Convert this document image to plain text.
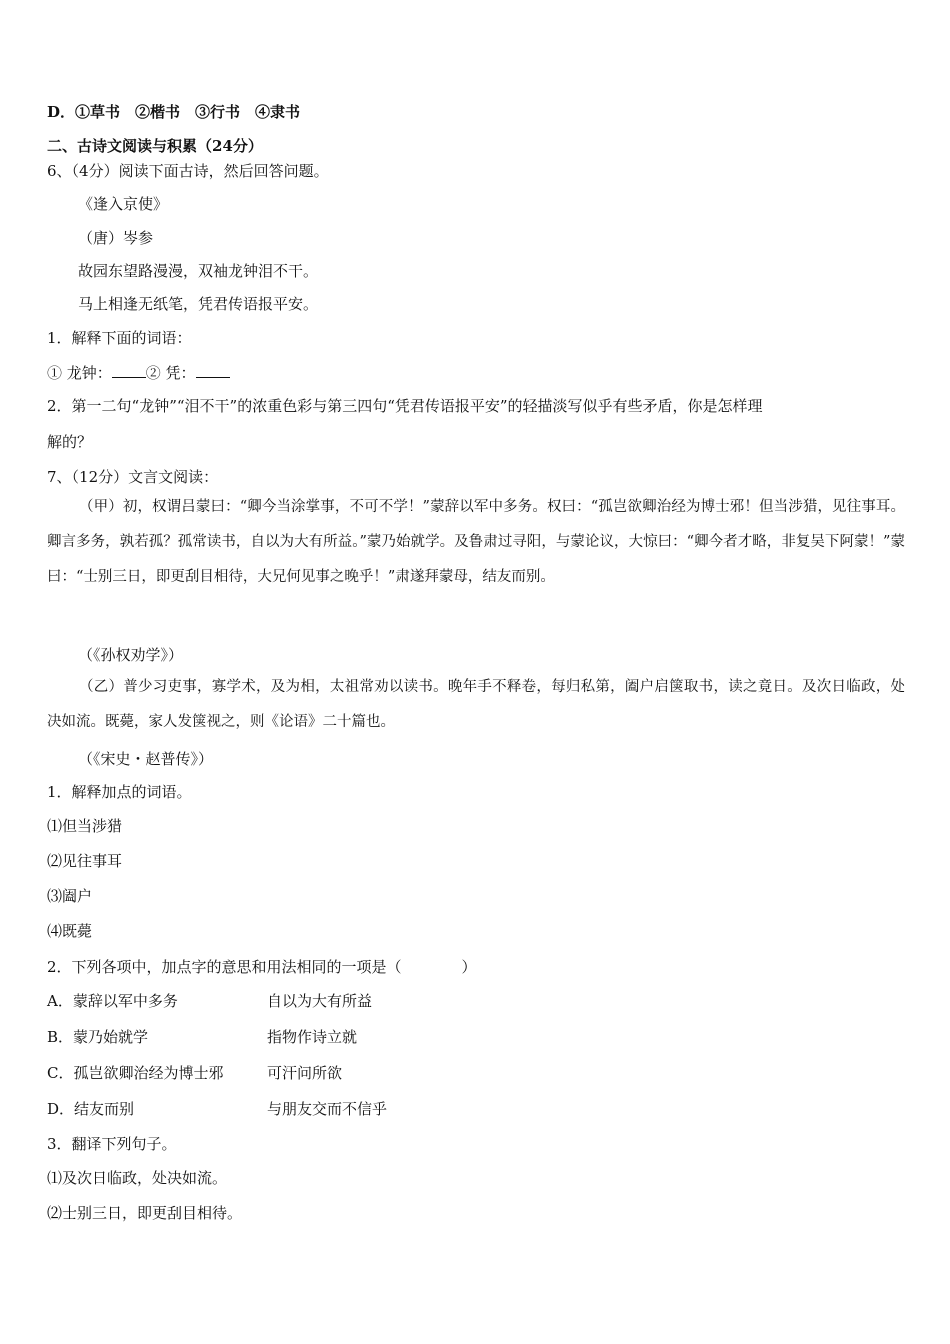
D．①草书　②楷书　③行书　④隶书
二、古诗文阅读与积累（24分）
6、（4分）阅读下面古诗，然后回答问题。
《逢入京使》
（唐）岑参
故园东望路漫漫，双袖龙钟泪不干。
马上相逢无纸笔，凭君传语报平安。
1．解释下面的词语：
① 龙钟： ② 凭：
2．第一二句“龙钟”“泪不干”的浓重色彩与第三四句“凭君传语报平安”的轻描淡写似乎有些矛盾，你是怎样理
解的？
7、（12分）文言文阅读：
（甲）初，权谓吕蒙曰：“卿今当涂掌事，不可不学！”蒙辞以军中多务。权曰：“孤岂欲卿治经为博士邪！但当涉猎，见往事耳。卿言多务，孰若孤？孤常读书，自以为大有所益。”蒙乃始就学。及鲁肃过寻阳，与蒙论议，大惊曰：“卿今者才略，非复吴下阿蒙！”蒙曰：“士别三日，即更刮目相待，大兄何见事之晚乎！”肃遂拜蒙母，结友而别。
（《孙权劝学》）
（乙）普少习吏事，寡学术，及为相，太祖常劝以读书。晚年手不释卷，每归私第，阖户启箧取书，读之竟日。及次日临政，处决如流。既薨，家人发箧视之，则《论语》二十篇也。
（《宋史・赵普传》）
1．解释加点的词语。
⑴但当涉猎
⑵见往事耳
⑶阖户
⑷既薨
2．下列各项中，加点字的意思和用法相同的一项是（	）
A．蒙辞以军中多务	自以为大有所益
B．蒙乃始就学	指物作诗立就
C．孤岂欲卿治经为博士邪	可汗问所欲
D．结友而别	与朋友交而不信乎
3．翻译下列句子。
⑴及次日临政，处决如流。
⑵士别三日，即更刮目相待。
